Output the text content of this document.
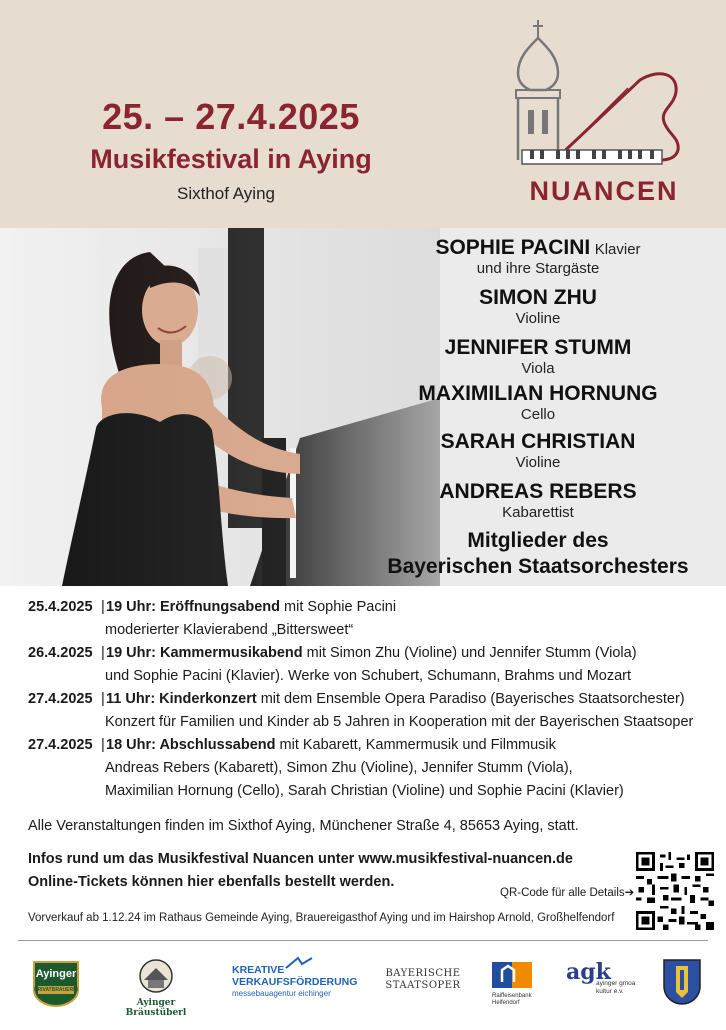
25. – 27.4.2025
Musikfestival in Aying
Sixthof Aying	NUANCEN
SOPHIE PACINI Klavier
und ihre Stargäste
SIMON ZHU
Violine
JENNIFER STUMM
Viola
MAXIMILIAN HORNUNG
Cello
SARAH CHRISTIAN
Violine
ANDREAS REBERS
Kabarettist
Mitglieder des
Bayerischen Staatsorchesters
25.4.2025 | 19 Uhr: Eröffnungsabend mit Sophie Pacini
moderierter Klavierabend „Bittersweet“
26.4.2025 | 19 Uhr: Kammermusikabend mit Simon Zhu (Violine) und Jennifer Stumm (Viola)
und Sophie Pacini (Klavier). Werke von Schubert, Schumann, Brahms und Mozart
27.4.2025 | 11 Uhr: Kinderkonzert mit dem Ensemble Opera Paradiso (Bayerisches Staatsorchester)
Konzert für Familien und Kinder ab 5 Jahren in Kooperation mit der Bayerischen Staatsoper
27.4.2025 | 18 Uhr: Abschlussabend mit Kabarett, Kammermusik und Filmmusik
Andreas Rebers (Kabarett), Simon Zhu (Violine), Jennifer Stumm (Viola),
Maximilian Hornung (Cello), Sarah Christian (Violine) und Sophie Pacini (Klavier)
Alle Veranstaltungen finden im Sixthof Aying, Münchener Straße 4, 85653 Aying, statt.
Infos rund um das Musikfestival Nuancen unter www.musikfestival-nuancen.de
Online-Tickets können hier ebenfalls bestellt werden.
QR-Code für alle Details➔
Vorverkauf ab 1.12.24 im Rathaus Gemeinde Aying, Brauereigasthof Aying und im Hairshop Arnold, Großhelfendorf
Ayinger
PRIVATBRAUEREI
Ayinger Bräustüberl
KREATIVE
VERKAUFSFÖRDERUNG
messebauagentur eichinger
BAYERISCHE
STAATSOPER
Raiffeisenbank
Helfendorf
agk
ayinger gmoa
kultur e.v.
